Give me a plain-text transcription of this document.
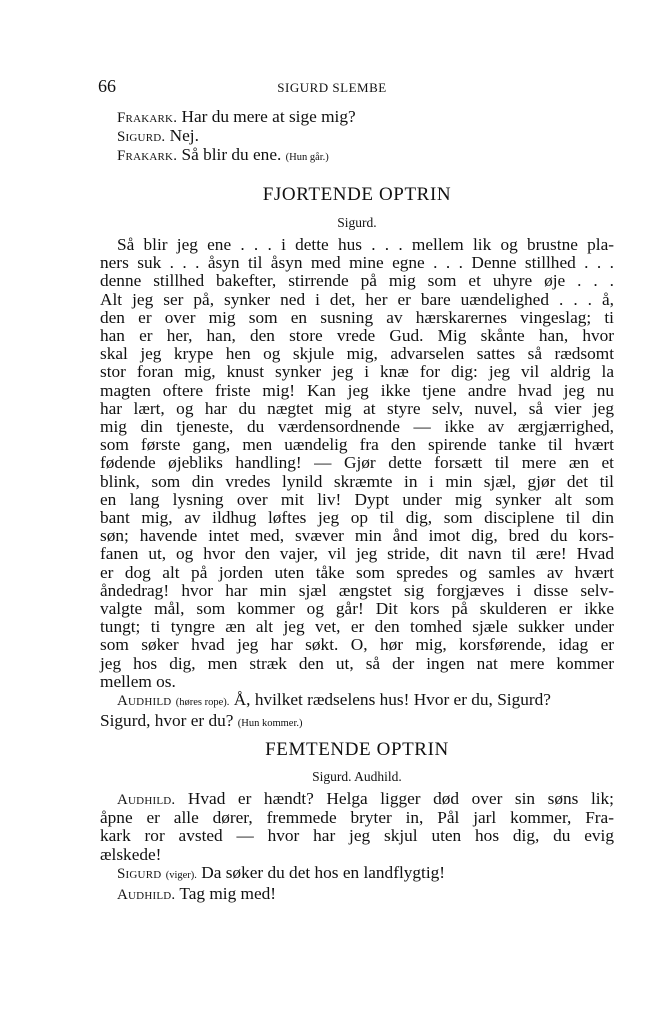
66	SIGURD SLEMBE

Frakark. Har du mere at sige mig?

Sigurd. Nej.

Frakark. Så blir du ene. (Hun går.)

FJORTENDE OPTRIN
Sigurd.
Så blir jeg ene . . . i dette hus . . . mellem lik og brustne pla-
ners suk . . . åsyn til åsyn med mine egne . . . Denne stillhed . . .
denne stillhed bakefter, stirrende på mig som et uhyre øje . . .
Alt jeg ser på, synker ned i det, her er bare uændelighed . . . å,
den er over mig som en susning av hærskarernes vingeslag; ti
han er her, han, den store vrede Gud. Mig skånte han, hvor
skal jeg krype hen og skjule mig, advarselen sattes så rædsomt
stor foran mig, knust synker jeg i knæ for dig: jeg vil aldrig la
magten oftere friste mig! Kan jeg ikke tjene andre hvad jeg nu
har lært, og har du nægtet mig at styre selv, nuvel, så vier jeg
mig din tjeneste, du værdensordnende — ikke av ærgjærrighed,
som første gang, men uændelig fra den spirende tanke til hvært
fødende øjebliks handling! — Gjør dette forsætt til mere æn et
blink, som din vredes lynild skræmte in i min sjæl, gjør det til
en lang lysning over mit liv! Dypt under mig synker alt som
bant mig, av ildhug løftes jeg op til dig, som disciplene til din
søn; havende intet med, svæver min ånd imot dig, bred du kors-
fanen ut, og hvor den vajer, vil jeg stride, dit navn til ære! Hvad
er dog alt på jorden uten tåke som spredes og samles av hvært
åndedrag! hvor har min sjæl ængstet sig forgjæves i disse selv-
valgte mål, som kommer og går! Dit kors på skulderen er ikke
tungt; ti tyngre æn alt jeg vet, er den tomhed sjæle sukker under
som søker hvad jeg har søkt. O, hør mig, korsførende, idag er
jeg hos dig, men stræk den ut, så der ingen nat mere kommer
mellem os.

Audhild (høres rope). Å, hvilket rædselens hus! Hvor er du, Sigurd?

Sigurd, hvor er du? (Hun kommer.)

FEMTENDE OPTRIN
Sigurd. Audhild.
Audhild. Hvad er hændt? Helga ligger død over sin søns lik;
åpne er alle dører, fremmede bryter in, Pål jarl kommer, Fra-
kark ror avsted — hvor har jeg skjul uten hos dig, du evig
ælskede!

Sigurd (viger). Da søker du det hos en landflygtig!

Audhild. Tag mig med!
